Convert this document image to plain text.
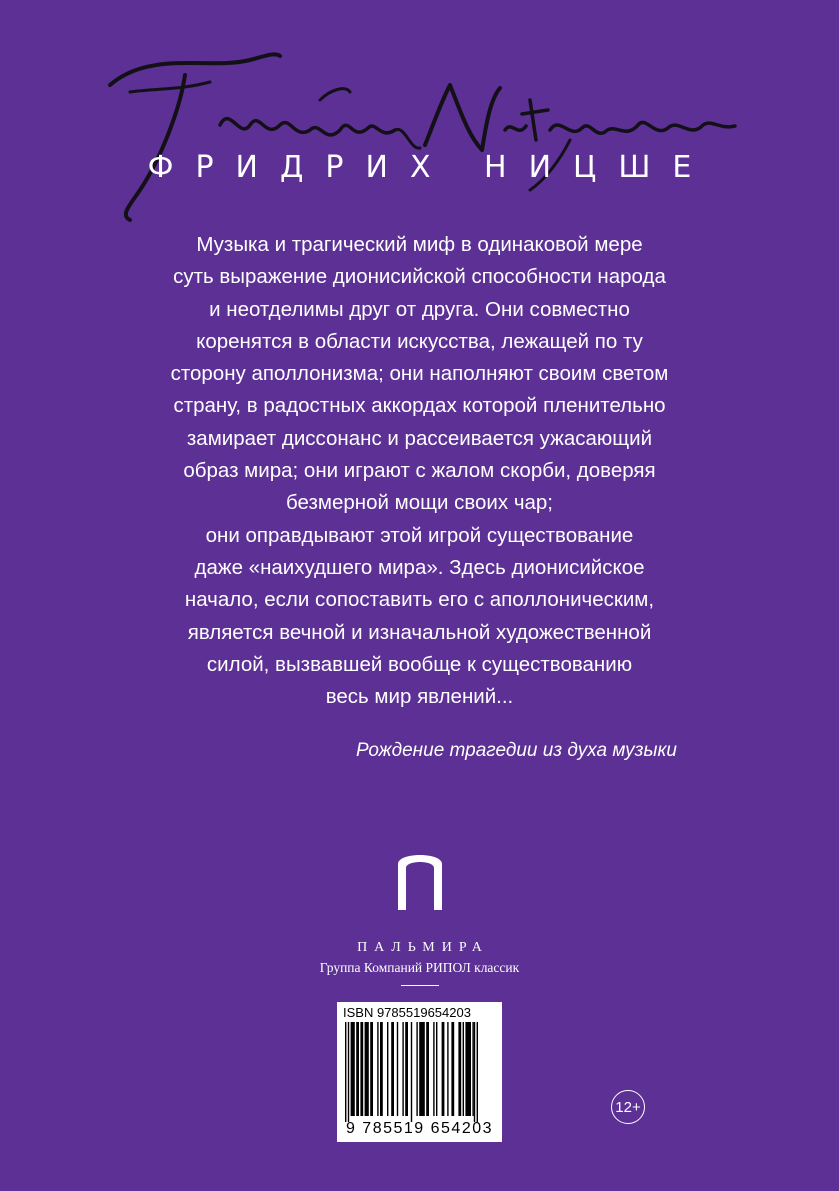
ФРИДРИХ НИЦШЕ
Музыка и трагический миф в одинаковой мере
суть выражение дионисийской способности народа
и неотделимы друг от друга. Они совместно
коренятся в области искусства, лежащей по ту
сторону аполлонизма; они наполняют своим светом
страну, в радостных аккордах которой пленительно
замирает диссонанс и рассеивается ужасающий
образ мира; они играют с жалом скорби, доверяя
безмерной мощи своих чар;
они оправдывают этой игрой существование
даже «наихудшего мира». Здесь дионисийское
начало, если сопоставить его с аполлоническим,
является вечной и изначальной художественной
силой, вызвавшей вообще к существованию
весь мир явлений...
Рождение трагедии из духа музыки
ПАЛЬМИРА
Группа Компаний РИПОЛ классик
ISBN 9785519654203
9 785519 654203
12+
